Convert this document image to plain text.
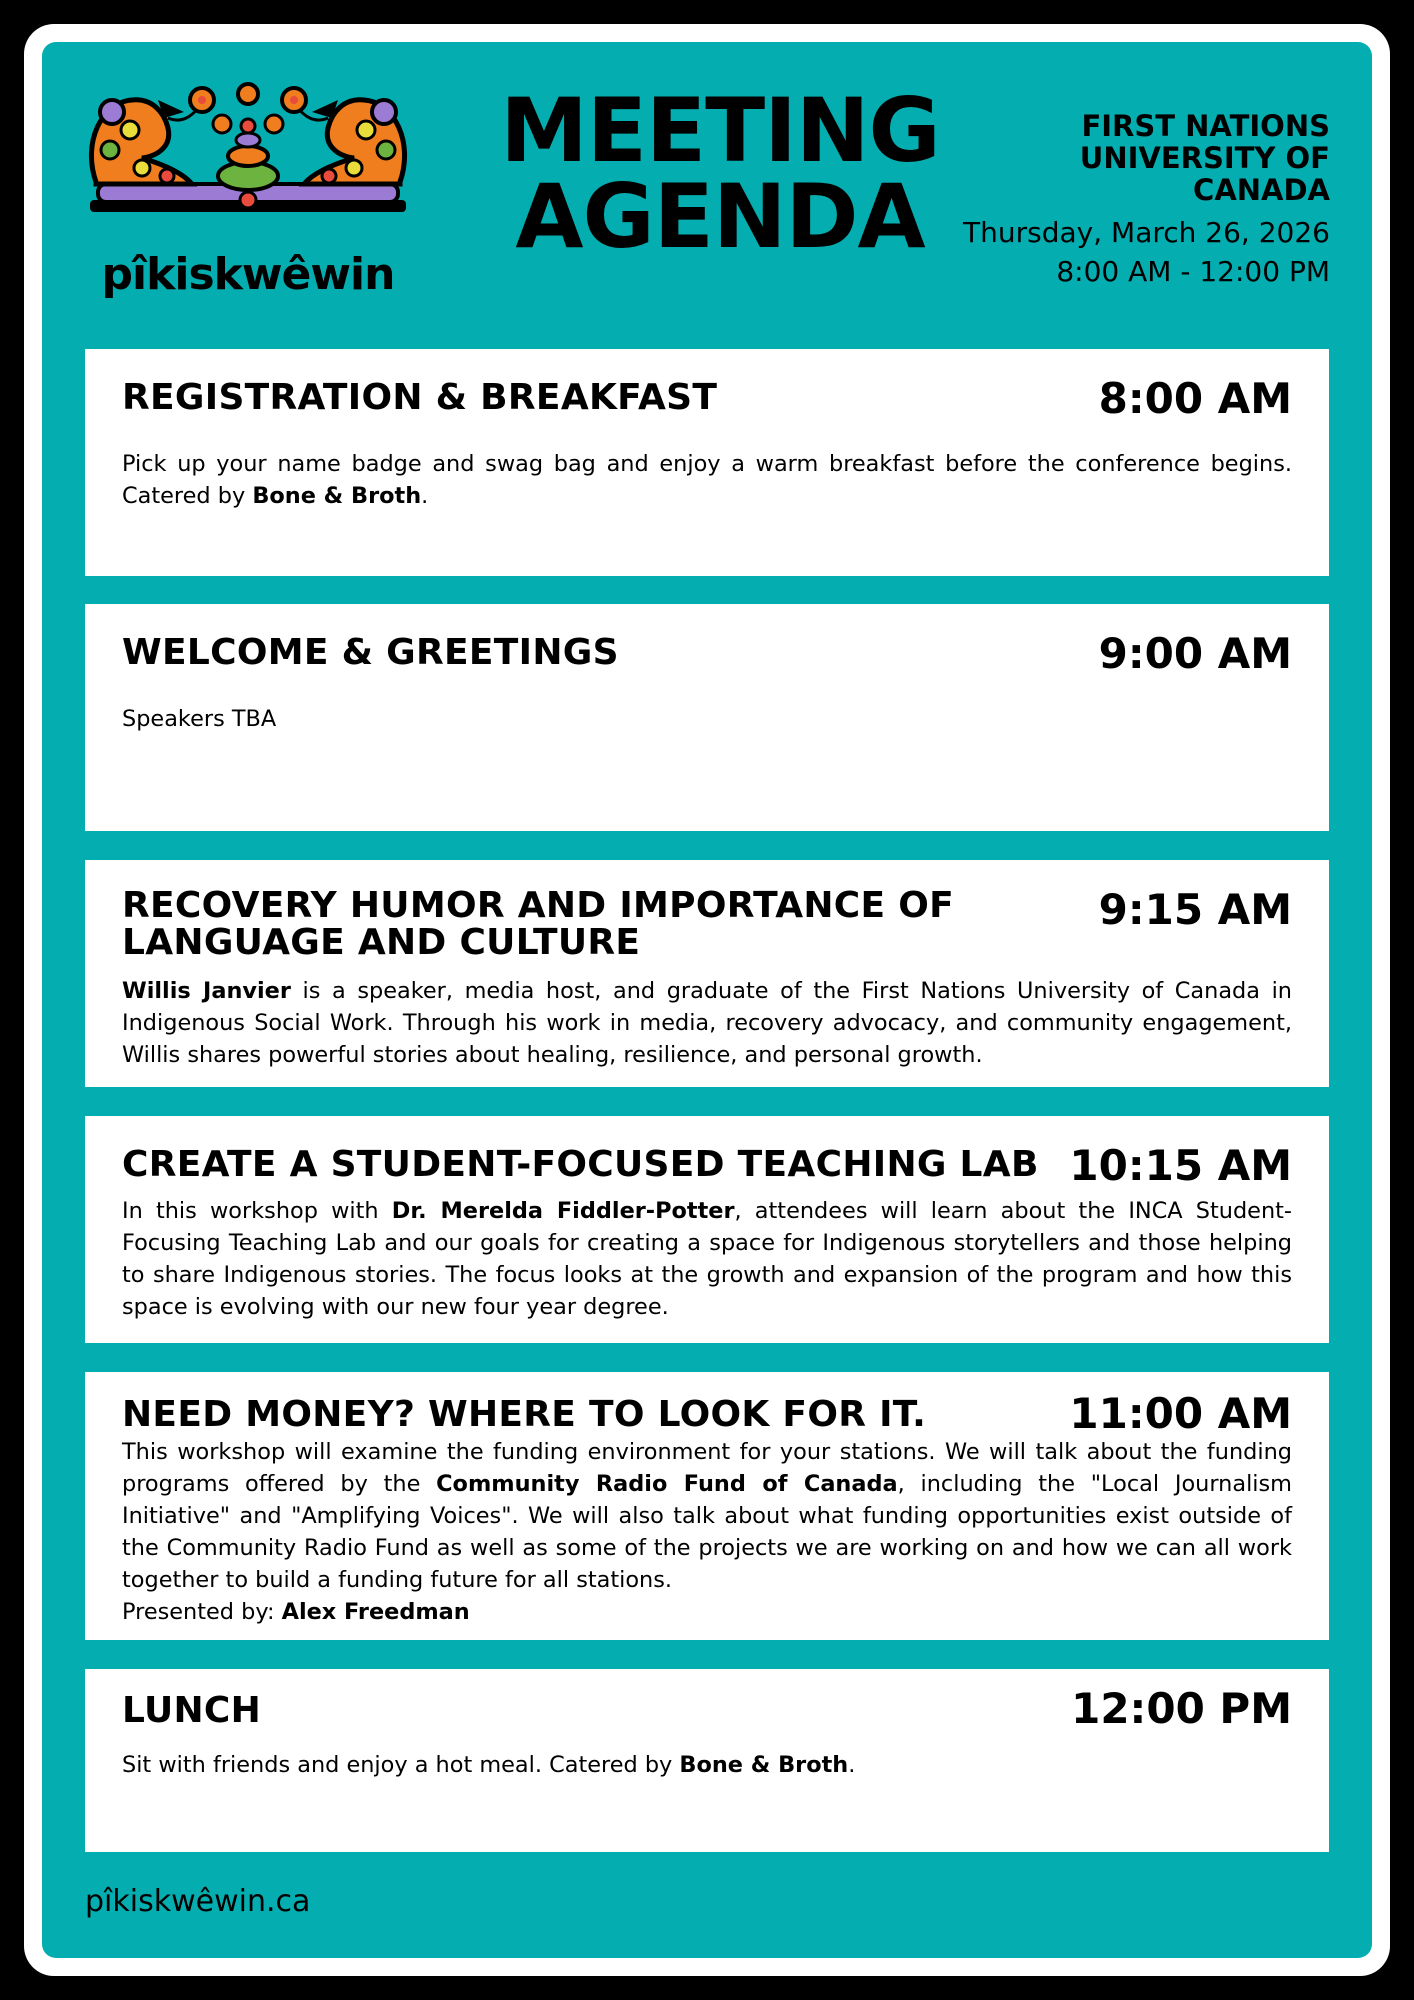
pîkiskwêwin
MEETING
AGENDA
FIRST NATIONS
UNIVERSITY OF
CANADA
Thursday, March 26, 2026
8:00 AM - 12:00 PM
REGISTRATION & BREAKFAST	8:00 AM
Pick up your name badge and swag bag and enjoy a warm breakfast before the conference begins. Catered by Bone & Broth.
WELCOME & GREETINGS	9:00 AM
Speakers TBA
RECOVERY HUMOR AND IMPORTANCE OF
LANGUAGE AND CULTURE
9:15 AM
Willis Janvier is a speaker, media host, and graduate of the First Nations University of Canada in Indigenous Social Work. Through his work in media, recovery advocacy, and community engagement, Willis shares powerful stories about healing, resilience, and personal growth.
CREATE A STUDENT-FOCUSED TEACHING LAB 10:15 AM
In this workshop with Dr. Merelda Fiddler-Potter, attendees will learn about the INCA Student-Focusing Teaching Lab and our goals for creating a space for Indigenous storytellers and those helping to share Indigenous stories. The focus looks at the growth and expansion of the program and how this space is evolving with our new four year degree.
NEED MONEY? WHERE TO LOOK FOR IT.	11:00 AM
This workshop will examine the funding environment for your stations. We will talk about the funding programs offered by the Community Radio Fund of Canada, including the "Local Journalism Initiative" and "Amplifying Voices". We will also talk about what funding opportunities exist outside of the Community Radio Fund as well as some of the projects we are working on and how we can all work together to build a funding future for all stations.
Presented by: Alex Freedman
LUNCH	12:00 PM
Sit with friends and enjoy a hot meal. Catered by Bone & Broth.
pîkiskwêwin.ca
